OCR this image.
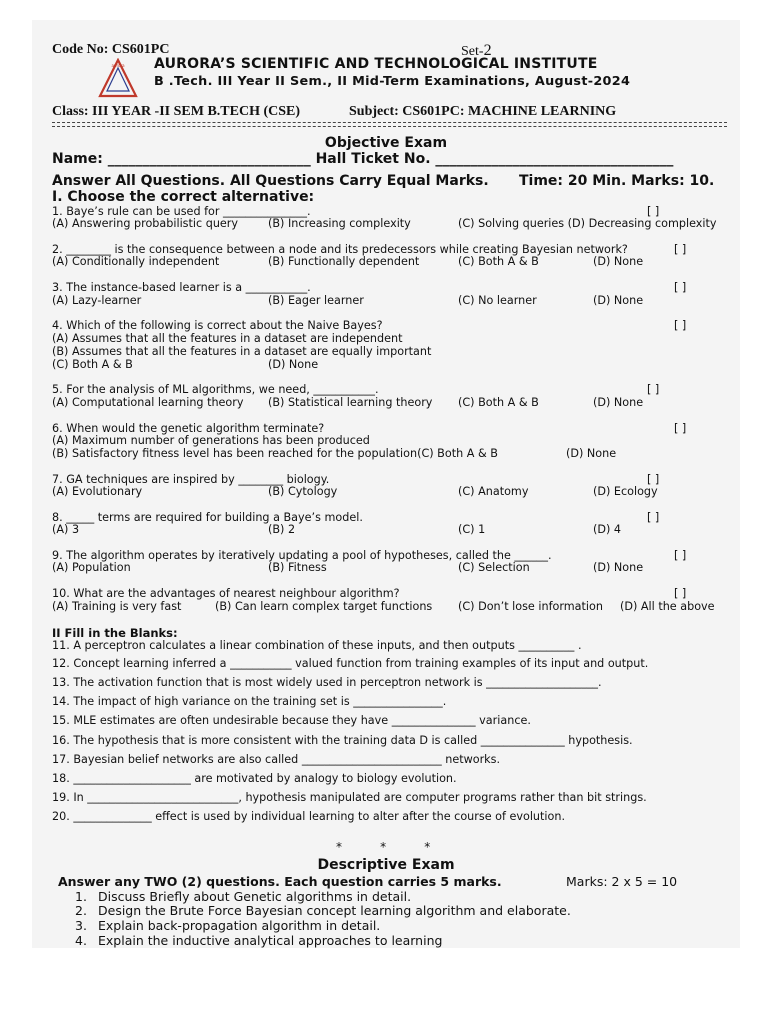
Code No: CS601PC	Set-2
aurora AURORA’S SCIENTIFIC AND TECHNOLOGICAL INSTITUTE
B .Tech. III Year II Sem., II Mid-Term Examinations, August-2024
Class: III YEAR -II SEM B.TECH (CSE)	Subject: CS601PC: MACHINE LEARNING
Objective Exam
Name: _____________________________ Hall Ticket No. __________________________________
Answer All Questions. All Questions Carry Equal Marks. Time: 20 Min. Marks: 10.
I. Choose the correct alternative:
1. Baye’s rule can be used for _______________.	[ ]
(A) Answering probabilistic query	(B) Increasing complexity	(C) Solving queries (D) Decreasing complexity
2. ________ is the consequence between a node and its predecessors while creating Bayesian network?	[ ]
(A) Conditionally independent	(B) Functionally dependent	(C) Both A & B	(D) None
3. The instance-based learner is a ___________.	[ ]
(A) Lazy-learner	(B) Eager learner	(C) No learner	(D) None
4. Which of the following is correct about the Naive Bayes?	[ ]
(A) Assumes that all the features in a dataset are independent
(B) Assumes that all the features in a dataset are equally important
(C) Both A & B	(D) None
5. For the analysis of ML algorithms, we need, ___________.	[ ]
(A) Computational learning theory (B) Statistical learning theory (C) Both A & B	(D) None
6. When would the genetic algorithm terminate?	[ ]
(A) Maximum number of generations has been produced
(B) Satisfactory fitness level has been reached for the population(C) Both A & B	(D) None
7. GA techniques are inspired by ________ biology.	[ ]
(A) Evolutionary	(B) Cytology	(C) Anatomy	(D) Ecology
8. _____ terms are required for building a Baye’s model.	[ ]
(A) 3	(B) 2	(C) 1	(D) 4
9. The algorithm operates by iteratively updating a pool of hypotheses, called the ______.	[ ]
(A) Population	(B) Fitness	(C) Selection	(D) None
10. What are the advantages of nearest neighbour algorithm?	[ ]
(A) Training is very fast	(B) Can learn complex target functions (C) Don’t lose information (D) All the above
II Fill in the Blanks:
11. A perceptron calculates a linear combination of these inputs, and then outputs __________ .
12. Concept learning inferred a ___________ valued function from training examples of its input and output.
13. The activation function that is most widely used in perceptron network is ____________________.
14. The impact of high variance on the training set is ________________.
15. MLE estimates are often undesirable because they have _______________ variance.
16. The hypothesis that is more consistent with the training data D is called _______________ hypothesis.
17. Bayesian belief networks are also called _________________________ networks.
18. _____________________ are motivated by analogy to biology evolution.
19. In ___________________________, hypothesis manipulated are computer programs rather than bit strings.
20. ______________ effect is used by individual learning to alter after the course of evolution.
*          *          *
Descriptive Exam
Answer any TWO (2) questions. Each question carries 5 marks.	Marks: 2 x 5 = 10
1. Discuss Briefly about Genetic algorithms in detail.
2. Design the Brute Force Bayesian concept learning algorithm and elaborate.
3. Explain back-propagation algorithm in detail.
4. Explain the inductive analytical approaches to learning
